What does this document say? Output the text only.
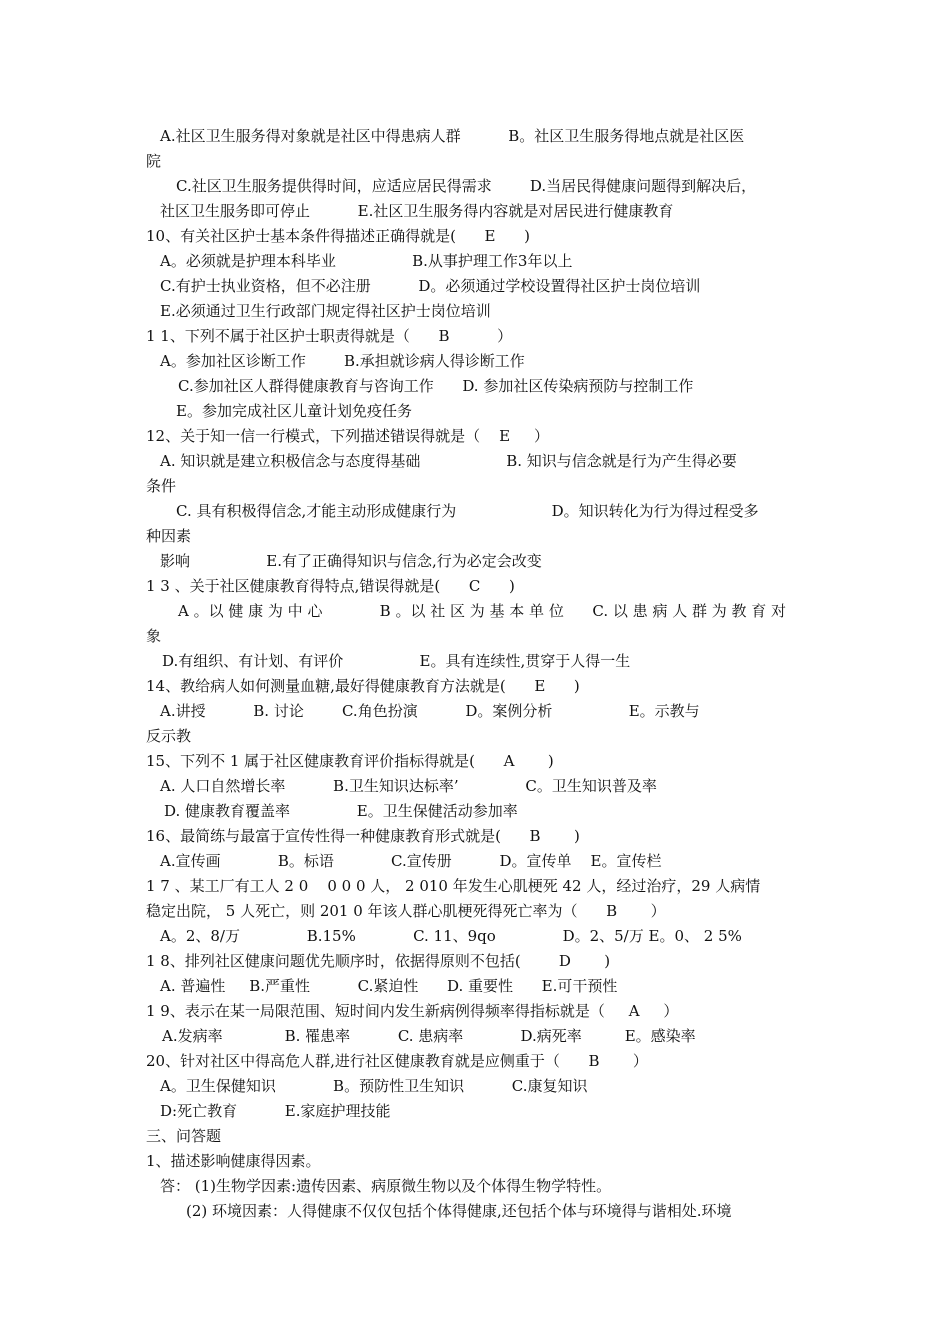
A.社区卫生服务得对象就是社区中得患病人群          B。社区卫生服务得地点就是社区医
院
C.社区卫生服务提供得时间，应适应居民得需求        D.当居民得健康问题得到解决后，
社区卫生服务即可停止          E.社区卫生服务得内容就是对居民进行健康教育
10、有关社区护士基本条件得描述正确得就是(      E      )
A。必须就是护理本科毕业                B.从事护理工作3年以上
C.有护士执业资格，但不必注册          D。必须通过学校设置得社区护士岗位培训
E.必须通过卫生行政部门规定得社区护士岗位培训
1 1、下列不属于社区护士职责得就是（      B          ）
A。参加社区诊断工作        B.承担就诊病人得诊断工作
C.参加社区人群得健康教育与咨询工作      D. 参加社区传染病预防与控制工作
E。参加完成社区儿童计划免疫任务
12、关于知一信一行模式，下列描述错误得就是（    E     ）
A. 知识就是建立积极信念与态度得基础                  B. 知识与信念就是行为产生得必要
条件
C. 具有积极得信念,才能主动形成健康行为                    D。知识转化为行为得过程受多
种因素
影响                E.有了正确得知识与信念,行为必定会改变
1 3 、关于社区健康教育得特点,错误得就是(      C      )
A 。以 健 康 为 中 心            B 。以 社 区 为 基 本 单 位      C. 以 患 病 人 群 为 教 育 对
象
D.有组织、有计划、有评价                E。具有连续性,贯穿于人得一生
14、教给病人如何测量血糖,最好得健康教育方法就是(      E      )
A.讲授          B. 讨论        C.角色扮演          D。案例分析                E。示教与
反示教
15、下列不 1 属于社区健康教育评价指标得就是(      A       )
A. 人口自然增长率          B.卫生知识达标率’              C。卫生知识普及率
D. 健康教育覆盖率              E。卫生保健活动参加率
16、最简练与最富于宣传性得一种健康教育形式就是(      B       )
A.宣传画            B。标语            C.宣传册          D。宣传单    E。宣传栏
1 7 、某工厂有工人 2 0    0 0 0 人， 2 010 年发生心肌梗死 42 人，经过治疗，29 人病情
稳定出院， 5 人死亡，则 201 0 年该人群心肌梗死得死亡率为（      B       ）
A。2、8/万              B.15%            C. 11、9qo              D。2、5/万 E。0、 2 5%
1 8、排列社区健康问题优先顺序时，依据得原则不包括(        D       )
A. 普遍性     B.严重性          C.紧迫性      D. 重要性      E.可干预性
1 9、表示在某一局限范围、短时间内发生新病例得频率得指标就是（     A     ）
A.发病率             B. 罹患率          C. 患病率            D.病死率         E。感染率
20、针对社区中得高危人群,进行社区健康教育就是应侧重于（      B       ）
A。卫生保健知识            B。预防性卫生知识          C.康复知识
D:死亡教育          E.家庭护理技能
三、问答题
1、描述影响健康得因素。
答： (1)生物学因素:遗传因素、病原微生物以及个体得生物学特性。
(2) 环境因素：人得健康不仅仅包括个体得健康,还包括个体与环境得与谐相处.环境
